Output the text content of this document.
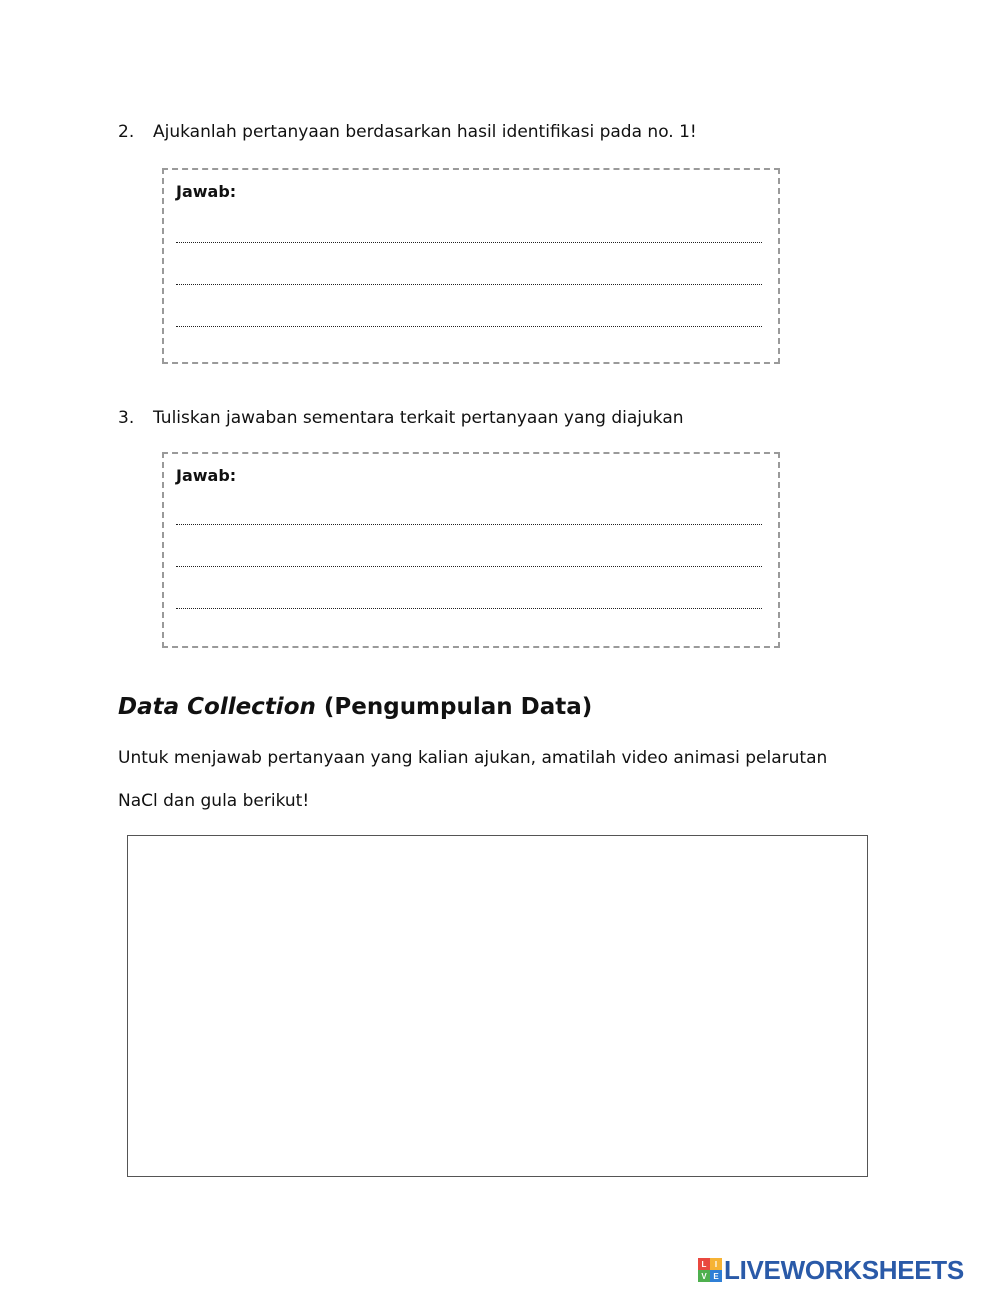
2. Ajukanlah pertanyaan berdasarkan hasil identifikasi pada no. 1!
Jawab:
3. Tuliskan jawaban sementara terkait pertanyaan yang diajukan
Jawab:
Data Collection (Pengumpulan Data)
Untuk menjawab pertanyaan yang kalian ajukan, amatilah video animasi pelarutan
NaCl dan gula berikut!
L	I
V E LIVEWORKSHEETS
